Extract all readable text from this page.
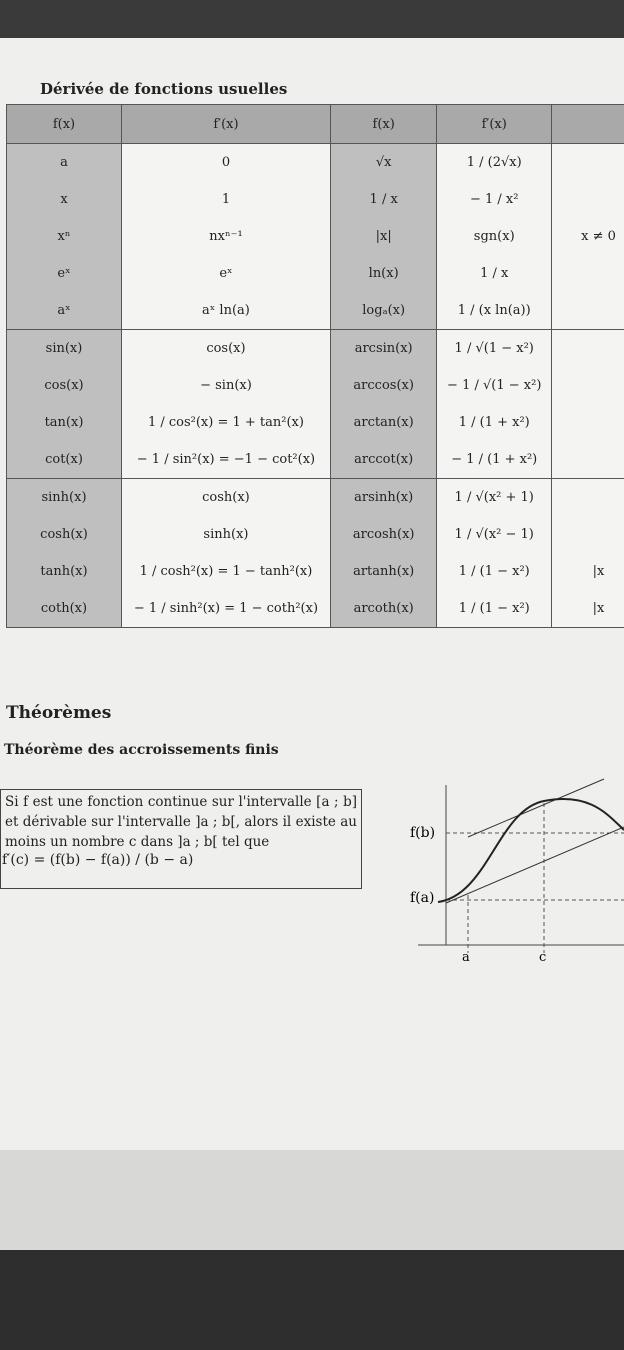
Dérivée de fonctions usuelles
f(x)	f′(x)	f(x)	f′(x)	
a	0	√x	1 / (2√x)	
x	1	1 / x	− 1 / x²	
xⁿ	nxⁿ⁻¹	|x|	sgn(x)	x ≠ 0
eˣ	eˣ	ln(x)	1 / x	
aˣ	aˣ ln(a)	logₐ(x)	1 / (x ln(a))	
sin(x)	cos(x)	arcsin(x)	1 / √(1 − x²)	
cos(x)	− sin(x)	arccos(x)	− 1 / √(1 − x²)	
tan(x)	1 / cos²(x) = 1 + tan²(x)	arctan(x)	1 / (1 + x²)	
cot(x)	− 1 / sin²(x) = −1 − cot²(x)	arccot(x)	− 1 / (1 + x²)	
sinh(x)	cosh(x)	arsinh(x)	1 / √(x² + 1)	
cosh(x)	sinh(x)	arcosh(x)	1 / √(x² − 1)	
tanh(x)	1 / cosh²(x) = 1 − tanh²(x)	artanh(x)	1 / (1 − x²)	|x
coth(x)	− 1 / sinh²(x) = 1 − coth²(x)	arcoth(x)	1 / (1 − x²)	|x
Théorèmes
Théorème des accroissements finis
Si f est une fonction continue sur l'intervalle [a ; b] et dérivable sur l'intervalle ]a ; b[, alors il existe au moins un nombre c dans ]a ; b[ tel que
f′(c) = (f(b) − f(a)) / (b − a)
f(b)
f(a)
a	c
